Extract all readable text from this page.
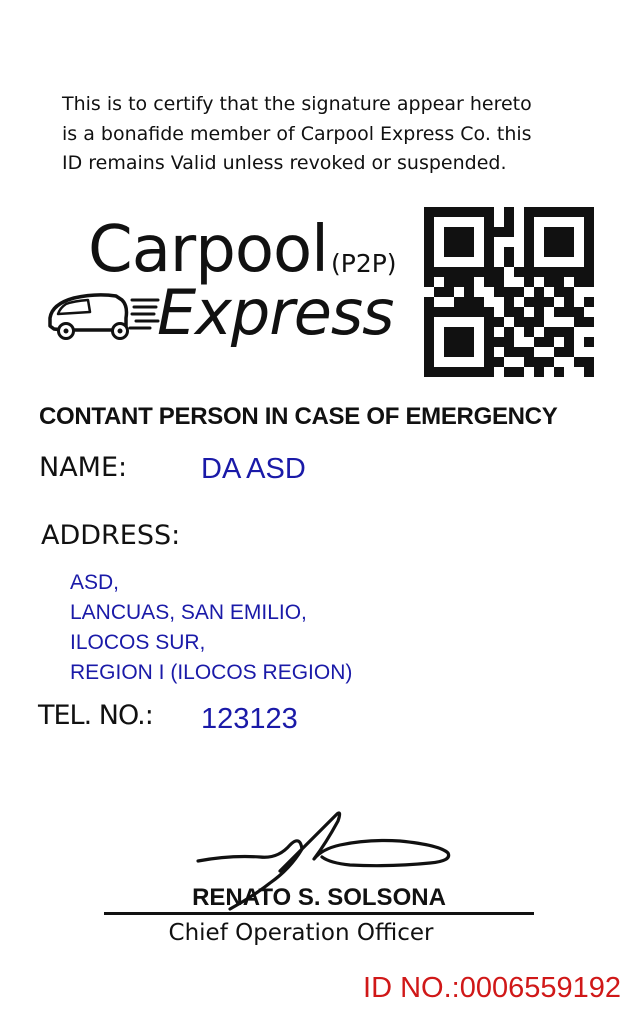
This is to certify that the signature appear hereto
is a bonafide member of Carpool Express Co. this
ID remains Valid unless revoked or suspended.
Carpool (P2P)
Express
CONTANT PERSON IN CASE OF EMERGENCY
NAME:	DA ASD
ADDRESS:
ASD,
LANCUAS, SAN EMILIO,
ILOCOS SUR,
REGION I (ILOCOS REGION)
TEL. NO.: 123123
RENATO S. SOLSONA
Chief Operation Officer
ID NO.:0006559192
